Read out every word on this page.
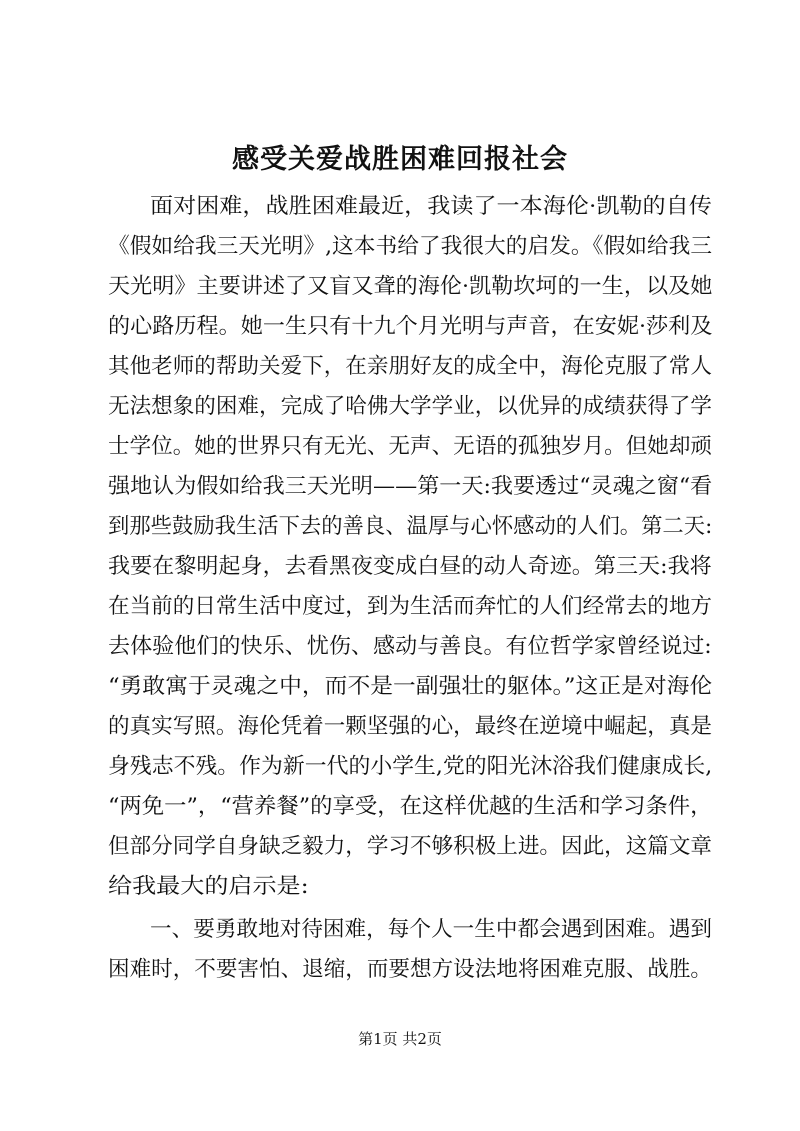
感受关爱战胜困难回报社会
面对困难，战胜困难最近，我读了一本海伦·凯勒的自传
《假如给我三天光明》,这本书给了我很大的启发。《假如给我三
天光明》主要讲述了又盲又聋的海伦·凯勒坎坷的一生，以及她
的心路历程。她一生只有十九个月光明与声音，在安妮·莎利及
其他老师的帮助关爱下，在亲朋好友的成全中，海伦克服了常人
无法想象的困难，完成了哈佛大学学业，以优异的成绩获得了学
士学位。她的世界只有无光、无声、无语的孤独岁月。但她却顽
强地认为假如给我三天光明——第一天:我要透过“灵魂之窗“看
到那些鼓励我生活下去的善良、温厚与心怀感动的人们。第二天:
我要在黎明起身，去看黑夜变成白昼的动人奇迹。第三天:我将
在当前的日常生活中度过，到为生活而奔忙的人们经常去的地方
去体验他们的快乐、忧伤、感动与善良。有位哲学家曾经说过:
“勇敢寓于灵魂之中，而不是一副强壮的躯体。”这正是对海伦
的真实写照。海伦凭着一颗坚强的心，最终在逆境中崛起，真是
身残志不残。作为新一代的小学生,党的阳光沐浴我们健康成长,
“两免一”，“营养餐”的享受，在这样优越的生活和学习条件，
但部分同学自身缺乏毅力，学习不够积极上进。因此，这篇文章
给我最大的启示是:
一、要勇敢地对待困难，每个人一生中都会遇到困难。遇到
困难时，不要害怕、退缩，而要想方设法地将困难克服、战胜。
第1页 共2页
